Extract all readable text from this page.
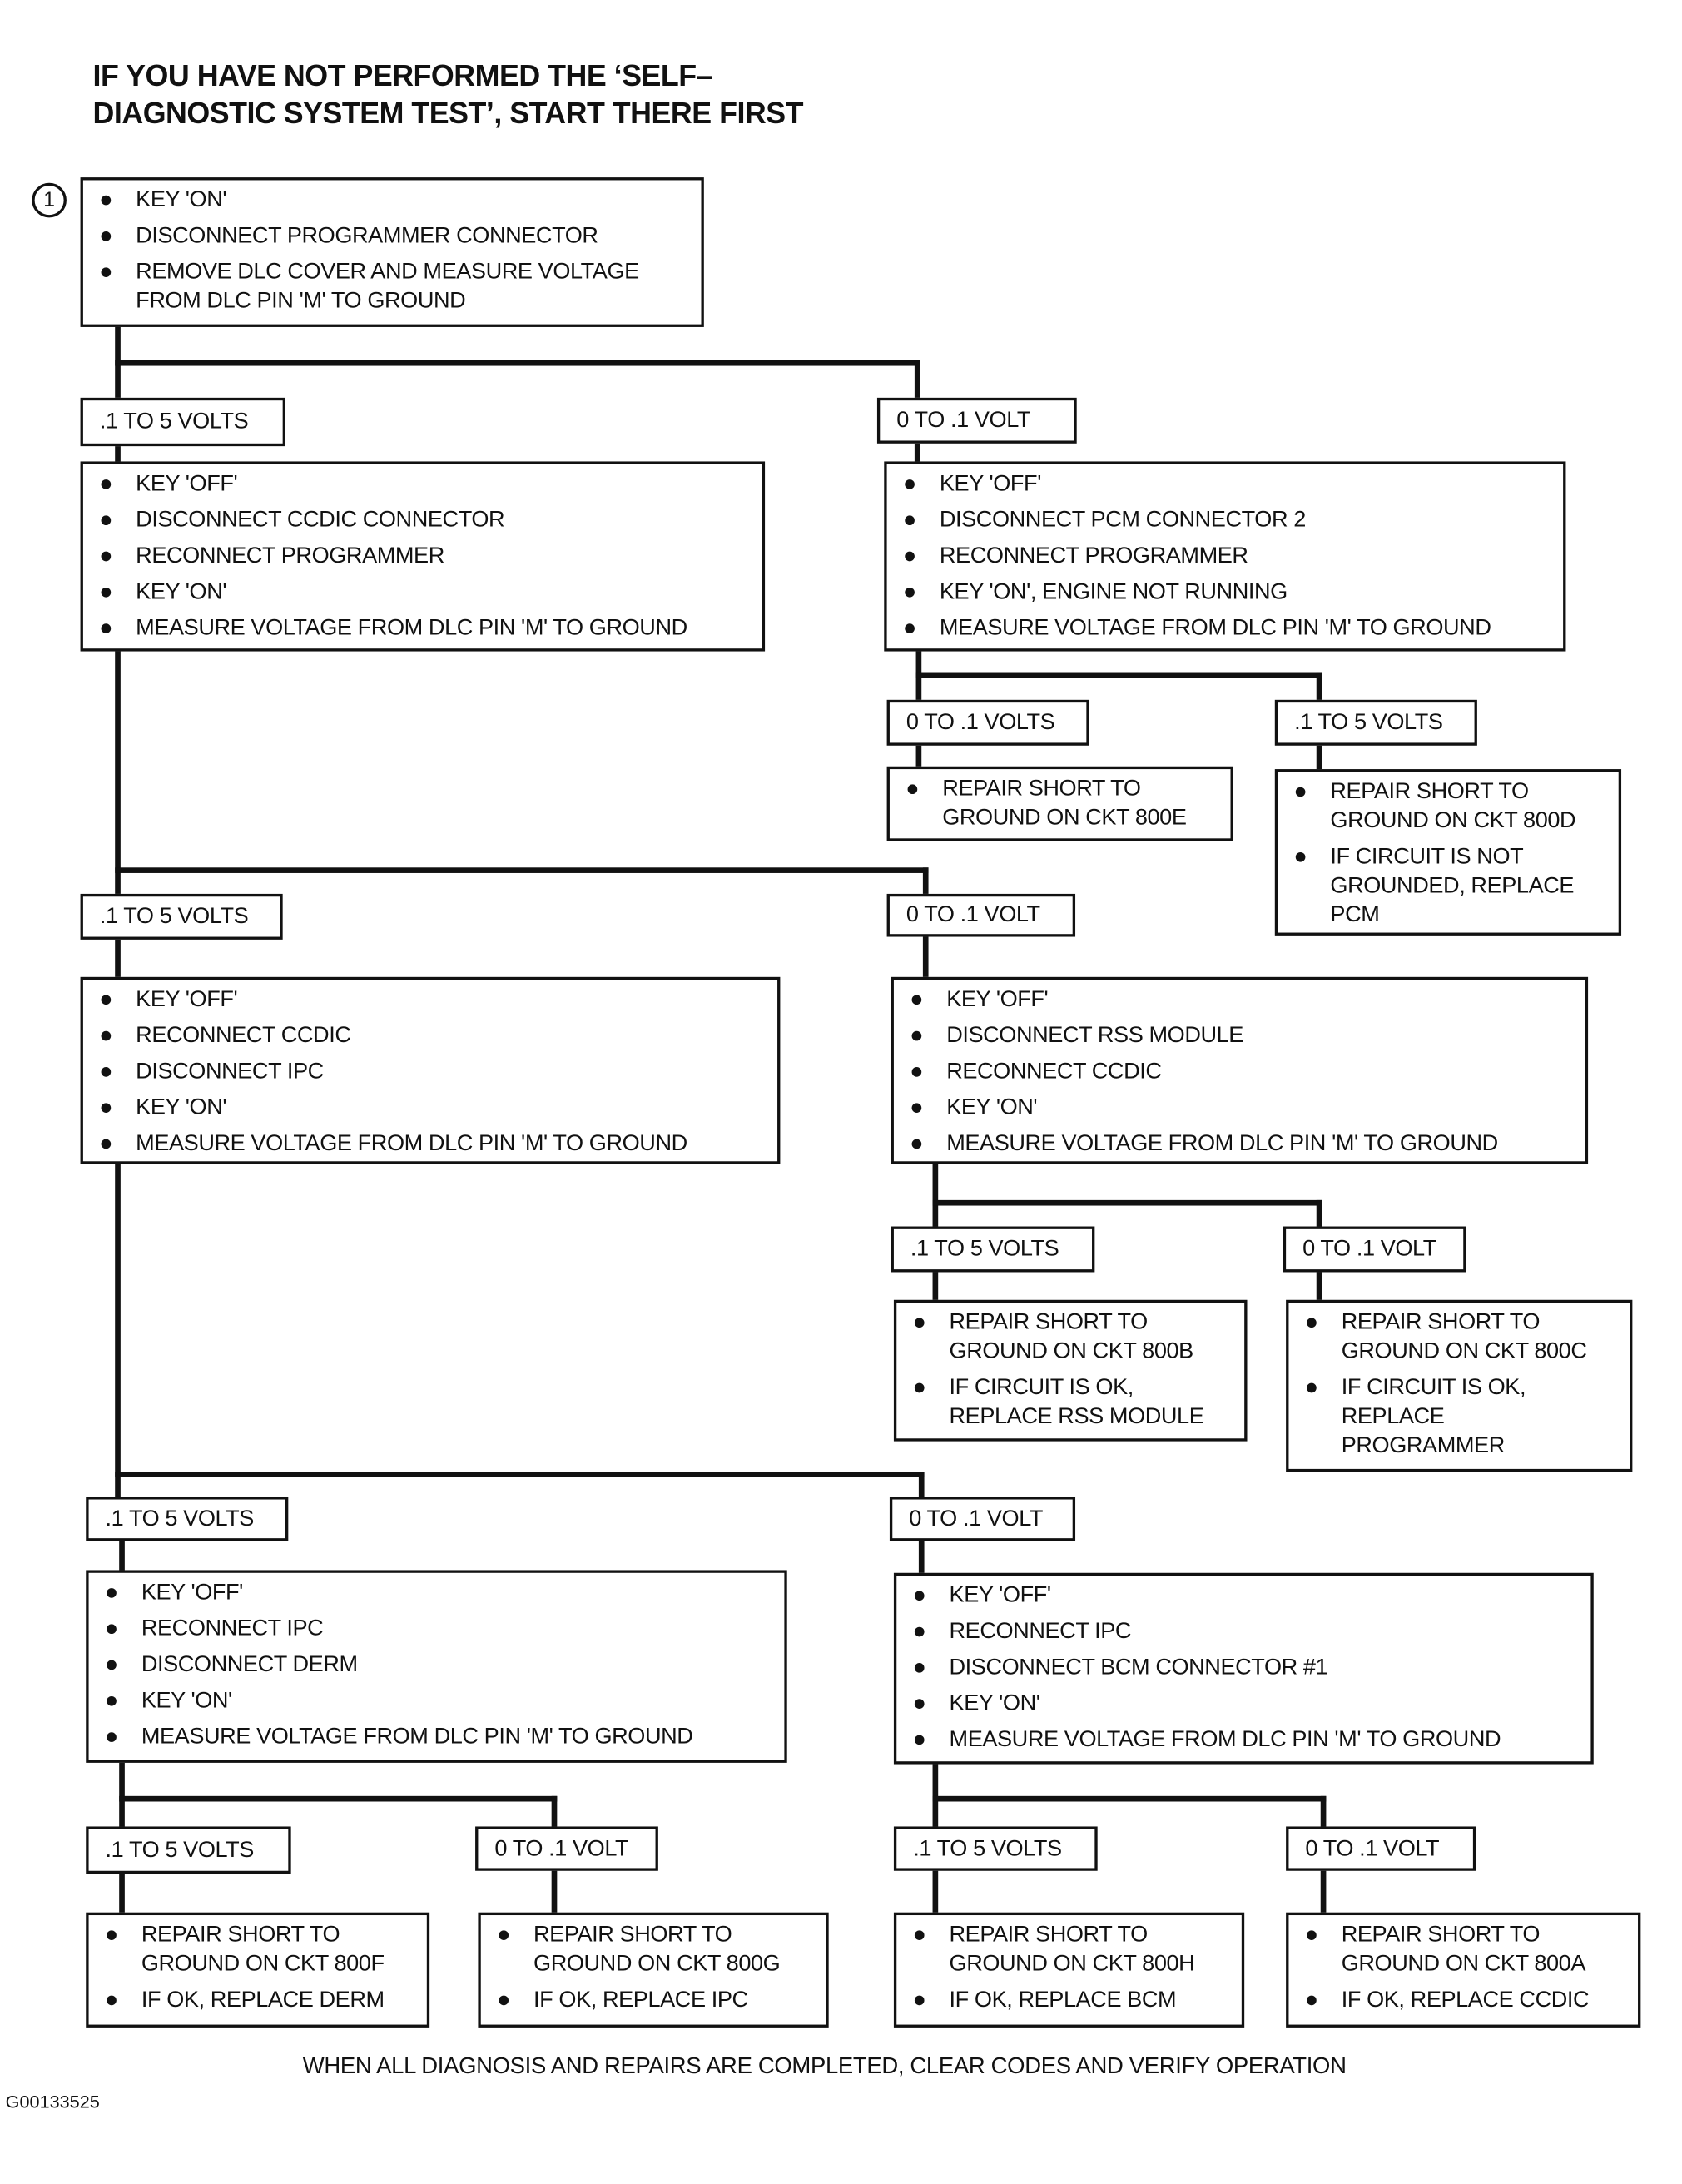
IF YOU HAVE NOT PERFORMED THE ‘SELF–
DIAGNOSTIC SYSTEM TEST’, START THERE FIRST
1
WHEN ALL DIAGNOSIS AND REPAIRS ARE COMPLETED, CLEAR CODES AND VERIFY OPERATION
G00133525
KEY 'ON'
DISCONNECT PROGRAMMER CONNECTOR
REMOVE DLC COVER AND MEASURE VOLTAGE
FROM DLC PIN 'M' TO GROUND
KEY 'OFF'
DISCONNECT CCDIC CONNECTOR
RECONNECT PROGRAMMER
KEY 'ON'
MEASURE VOLTAGE FROM DLC PIN 'M' TO GROUND
KEY 'OFF'
DISCONNECT PCM CONNECTOR 2
RECONNECT PROGRAMMER
KEY 'ON', ENGINE NOT RUNNING
MEASURE VOLTAGE FROM DLC PIN 'M' TO GROUND
REPAIR SHORT TO
GROUND ON CKT 800E
REPAIR SHORT TO
GROUND ON CKT 800D
IF CIRCUIT IS NOT
GROUNDED, REPLACE
PCM
KEY 'OFF'
RECONNECT CCDIC
DISCONNECT IPC
KEY 'ON'
MEASURE VOLTAGE FROM DLC PIN 'M' TO GROUND
KEY 'OFF'
DISCONNECT RSS MODULE
RECONNECT CCDIC
KEY 'ON'
MEASURE VOLTAGE FROM DLC PIN 'M' TO GROUND
REPAIR SHORT TO
GROUND ON CKT 800B
IF CIRCUIT IS OK,
REPLACE RSS MODULE
REPAIR SHORT TO
GROUND ON CKT 800C
IF CIRCUIT IS OK,
REPLACE
PROGRAMMER
KEY 'OFF'
RECONNECT IPC
DISCONNECT DERM
KEY 'ON'
MEASURE VOLTAGE FROM DLC PIN 'M' TO GROUND
KEY 'OFF'
RECONNECT IPC
DISCONNECT BCM CONNECTOR #1
KEY 'ON'
MEASURE VOLTAGE FROM DLC PIN 'M' TO GROUND
REPAIR SHORT TO
GROUND ON CKT 800F
IF OK, REPLACE DERM
REPAIR SHORT TO
GROUND ON CKT 800G
IF OK, REPLACE IPC
REPAIR SHORT TO
GROUND ON CKT 800H
IF OK, REPLACE BCM
REPAIR SHORT TO
GROUND ON CKT 800A
IF OK, REPLACE CCDIC
.1 TO 5 VOLTS	0 TO .1 VOLT
0 TO .1 VOLTS	.1 TO 5 VOLTS
.1 TO 5 VOLTS	0 TO .1 VOLT
.1 TO 5 VOLTS	0 TO .1 VOLT
.1 TO 5 VOLTS	0 TO .1 VOLT
.1 TO 5 VOLTS	0 TO .1 VOLT	.1 TO 5 VOLTS	0 TO .1 VOLT
